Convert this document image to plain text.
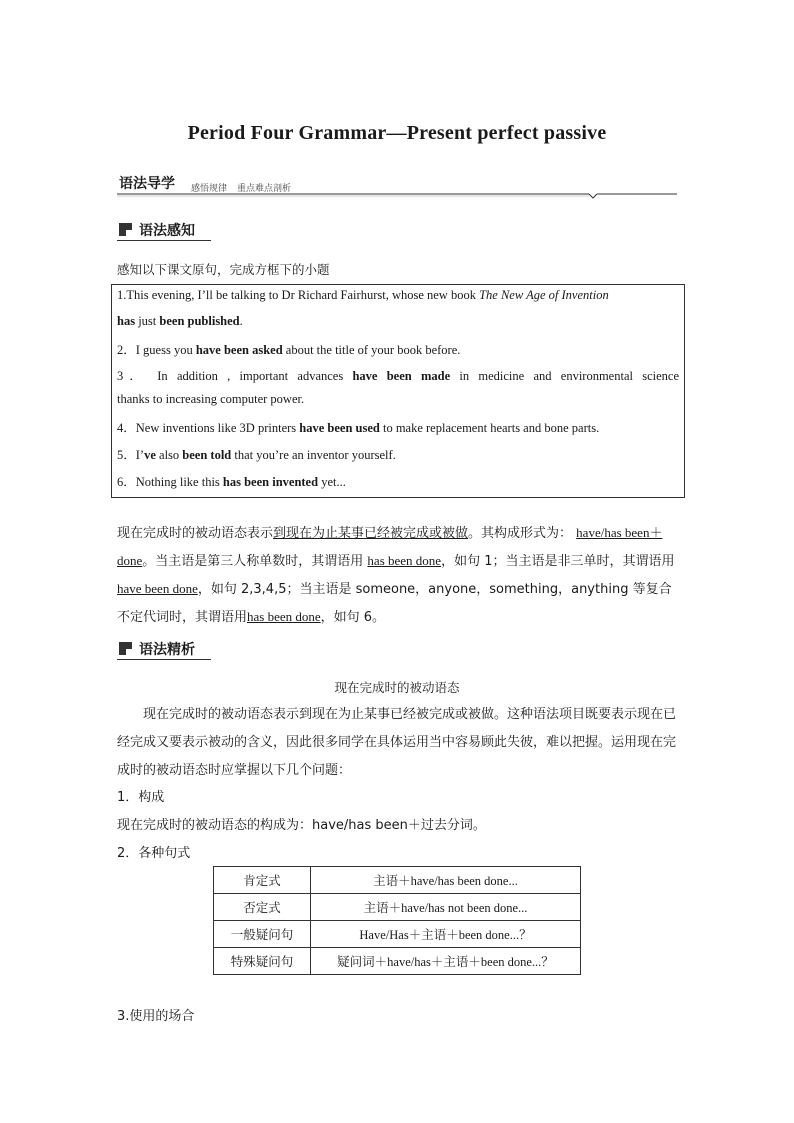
Period Four Grammar—Present perfect passive
语法导学 感悟规律 重点难点剖析
语法感知
感知以下课文原句，完成方框下的小题
1.This evening, I’ll be talking to Dr Richard Fairhurst, whose new book The New Age of Invention
has just been published.
2．I guess you have been asked about the title of your book before.
3． In addition , important advances have been made in medicine and environmental science
thanks to increasing computer power.
4．New inventions like 3D printers have been used to make replacement hearts and bone parts.
5．I’ve also been told that you’re an inventor yourself.
6．Nothing like this has been invented yet...
现在完成时的被动语态表示到现在为止某事已经被完成或被做。其构成形式为： have/has been＋done。当主语是第三人称单数时，其谓语用 has been done，如句 1；当主语是非三单时，其谓语用 have been done，如句 2,3,4,5；当主语是 someone，anyone，something，anything 等复合不定代词时，其谓语用has been done，如句 6。
语法精析
现在完成时的被动语态
现在完成时的被动语态表示到现在为止某事已经被完成或被做。这种语法项目既要表示现在已经完成又要表示被动的含义，因此很多同学在具体运用当中容易顾此失彼，难以把握。运用现在完成时的被动语态时应掌握以下几个问题：
1．构成
现在完成时的被动语态的构成为：have/has been＋过去分词。
2．各种句式
肯定式	主语＋have/has been done...
否定式	主语＋have/has not been done...
一般疑问句	Have/Has＋主语＋been done...？
特殊疑问句	疑问词＋have/has＋主语＋been done...？
3.使用的场合
